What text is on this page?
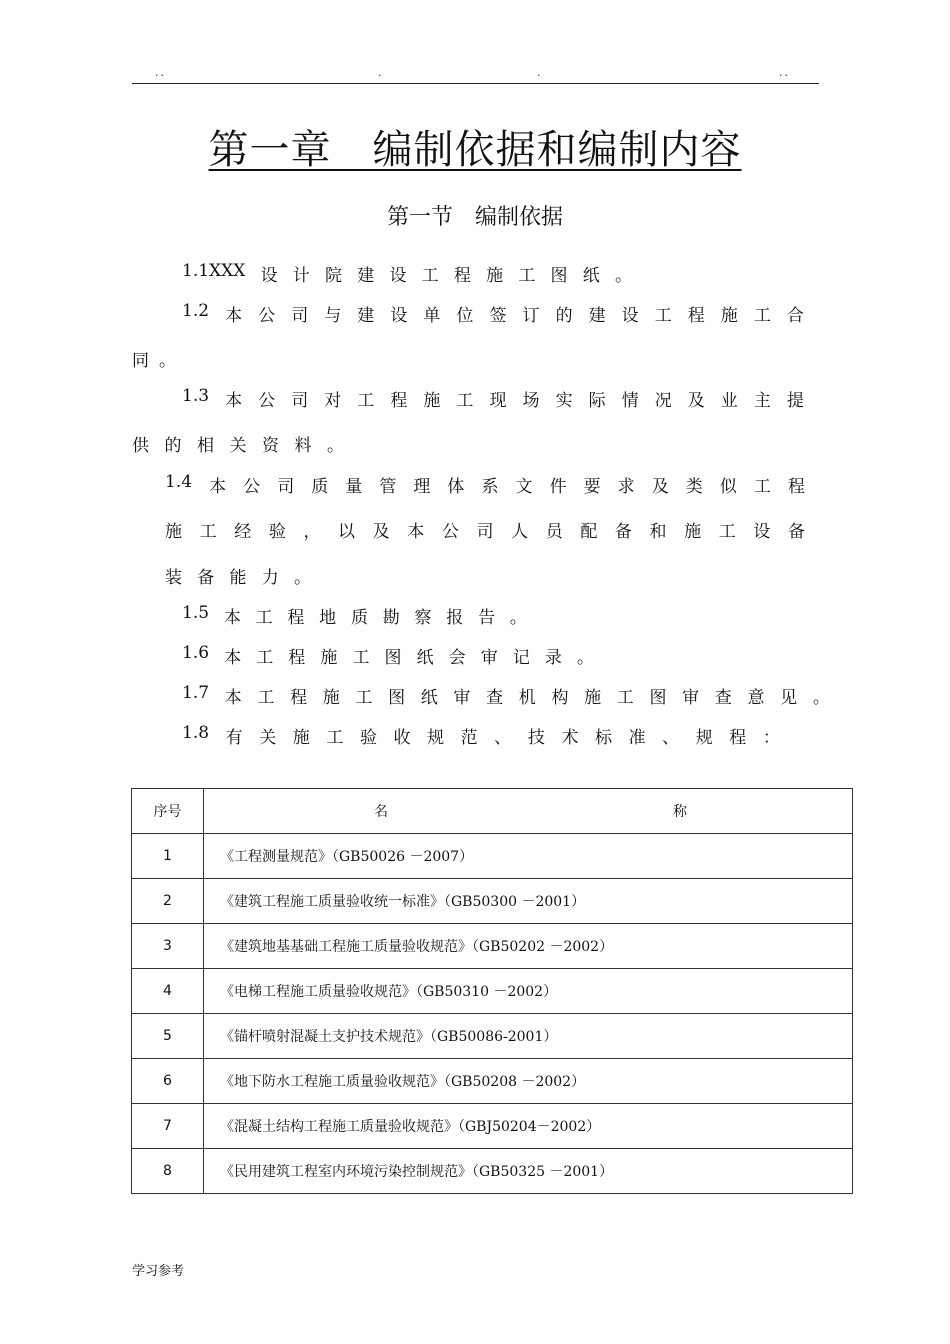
..	.	.	..
第一章　编制依据和编制内容
第一节　编制依据
1.1XXX 设 计 院 建 设 工 程 施 工 图 纸 。
1.2 本 公 司 与 建 设 单 位 签 订 的 建 设 工 程 施 工 合
同 。
1.3 本 公 司 对 工 程 施 工 现 场 实 际 情 况 及 业 主 提
供 的 相 关 资 料 。
1.4 本 公 司 质 量 管 理 体 系 文 件 要 求 及 类 似 工 程
施 工 经 验 ， 以 及 本 公 司 人 员 配 备 和 施 工 设 备
装 备 能 力 。
1.5 本 工 程 地 质 勘 察 报 告 。
1.6 本 工 程 施 工 图 纸 会 审 记 录 。
1.7 本 工 程 施 工 图 纸 审 查 机 构 施 工 图 审 查 意 见 。
1.8 有 关 施 工 验 收 规 范 、 技 术 标 准 、 规 程 ：
序号	名 称

1	《工程测量规范》（GB50026 －2007）
2	《建筑工程施工质量验收统一标准》（GB50300 －2001）
3	《建筑地基基础工程施工质量验收规范》（GB50202 －2002）
4	《电梯工程施工质量验收规范》（GB50310 －2002）
5	《锚杆喷射混凝土支护技术规范》（GB50086-2001）
6	《地下防水工程施工质量验收规范》（GB50208 －2002）
7	《混凝土结构工程施工质量验收规范》（GBJ50204－2002）
8	《民用建筑工程室内环境污染控制规范》（GB50325 －2001）
学习参考
